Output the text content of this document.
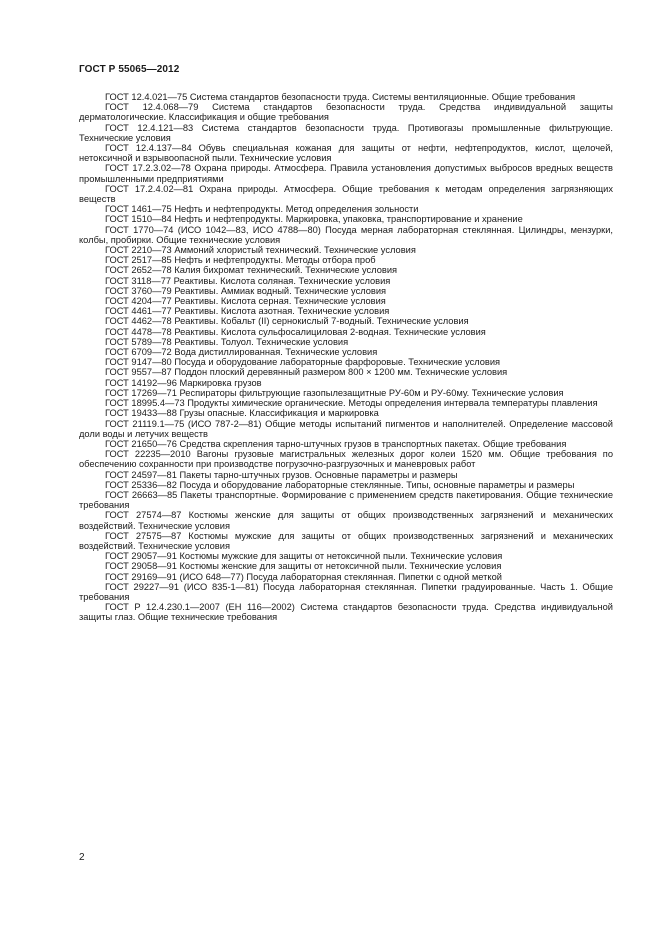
ГОСТ Р 55065—2012

ГОСТ 12.4.021—75 Система стандартов безопасности труда. Системы вентиляционные. Общие требования

ГОСТ 12.4.068—79 Система стандартов безопасности труда. Средства индивидуальной защиты дерматологические. Классификация и общие требования

ГОСТ 12.4.121—83 Система стандартов безопасности труда. Противогазы промышленные фильтрующие. Технические условия

ГОСТ 12.4.137—84 Обувь специальная кожаная для защиты от нефти, нефтепродуктов, кислот, щелочей, нетоксичной и взрывоопасной пыли. Технические условия

ГОСТ 17.2.3.02—78 Охрана природы. Атмосфера. Правила установления допустимых выбросов вредных веществ промышленными предприятиями

ГОСТ 17.2.4.02—81 Охрана природы. Атмосфера. Общие требования к методам определения загрязняющих веществ

ГОСТ 1461—75 Нефть и нефтепродукты. Метод определения зольности

ГОСТ 1510—84 Нефть и нефтепродукты. Маркировка, упаковка, транспортирование и хранение

ГОСТ 1770—74 (ИСО 1042—83, ИСО 4788—80) Посуда мерная лабораторная стеклянная. Цилиндры, мензурки, колбы, пробирки. Общие технические условия

ГОСТ 2210—73 Аммоний хлористый технический. Технические условия

ГОСТ 2517—85 Нефть и нефтепродукты. Методы отбора проб

ГОСТ 2652—78 Калия бихромат технический. Технические условия

ГОСТ 3118—77 Реактивы. Кислота соляная. Технические условия

ГОСТ 3760—79 Реактивы. Аммиак водный. Технические условия

ГОСТ 4204—77 Реактивы. Кислота серная. Технические условия

ГОСТ 4461—77 Реактивы. Кислота азотная. Технические условия

ГОСТ 4462—78 Реактивы. Кобальт (II) сернокислый 7-водный. Технические условия

ГОСТ 4478—78 Реактивы. Кислота сульфосалициловая 2-водная. Технические условия

ГОСТ 5789—78 Реактивы. Толуол. Технические условия

ГОСТ 6709—72 Вода дистиллированная. Технические условия

ГОСТ 9147—80 Посуда и оборудование лабораторные фарфоровые. Технические условия

ГОСТ 9557—87 Поддон плоский деревянный размером 800 × 1200 мм. Технические условия

ГОСТ 14192—96 Маркировка грузов

ГОСТ 17269—71 Респираторы фильтрующие газопылезащитные РУ-60м и РУ-60му. Технические условия

ГОСТ 18995.4—73 Продукты химические органические. Методы определения интервала температуры плавления

ГОСТ 19433—88 Грузы опасные. Классификация и маркировка

ГОСТ 21119.1—75 (ИСО 787-2—81) Общие методы испытаний пигментов и наполнителей. Определение массовой доли воды и летучих веществ

ГОСТ 21650—76 Средства скрепления тарно-штучных грузов в транспортных пакетах. Общие требования

ГОСТ 22235—2010 Вагоны грузовые магистральных железных дорог колеи 1520 мм. Общие требования по обеспечению сохранности при производстве погрузочно-разгрузочных и маневровых работ

ГОСТ 24597—81 Пакеты тарно-штучных грузов. Основные параметры и размеры

ГОСТ 25336—82 Посуда и оборудование лабораторные стеклянные. Типы, основные параметры и размеры

ГОСТ 26663—85 Пакеты транспортные. Формирование с применением средств пакетирования. Общие технические требования

ГОСТ 27574—87 Костюмы женские для защиты от общих производственных загрязнений и механических воздействий. Технические условия

ГОСТ 27575—87 Костюмы мужские для защиты от общих производственных загрязнений и механических воздействий. Технические условия

ГОСТ 29057—91 Костюмы мужские для защиты от нетоксичной пыли. Технические условия

ГОСТ 29058—91 Костюмы женские для защиты от нетоксичной пыли. Технические условия

ГОСТ 29169—91 (ИСО 648—77) Посуда лабораторная стеклянная. Пипетки с одной меткой

ГОСТ 29227—91 (ИСО 835-1—81) Посуда лабораторная стеклянная. Пипетки градуированные. Часть 1. Общие требования

ГОСТ Р 12.4.230.1—2007 (ЕН 116—2002) Система стандартов безопасности труда. Средства индивидуальной защиты глаз. Общие технические требования

2
